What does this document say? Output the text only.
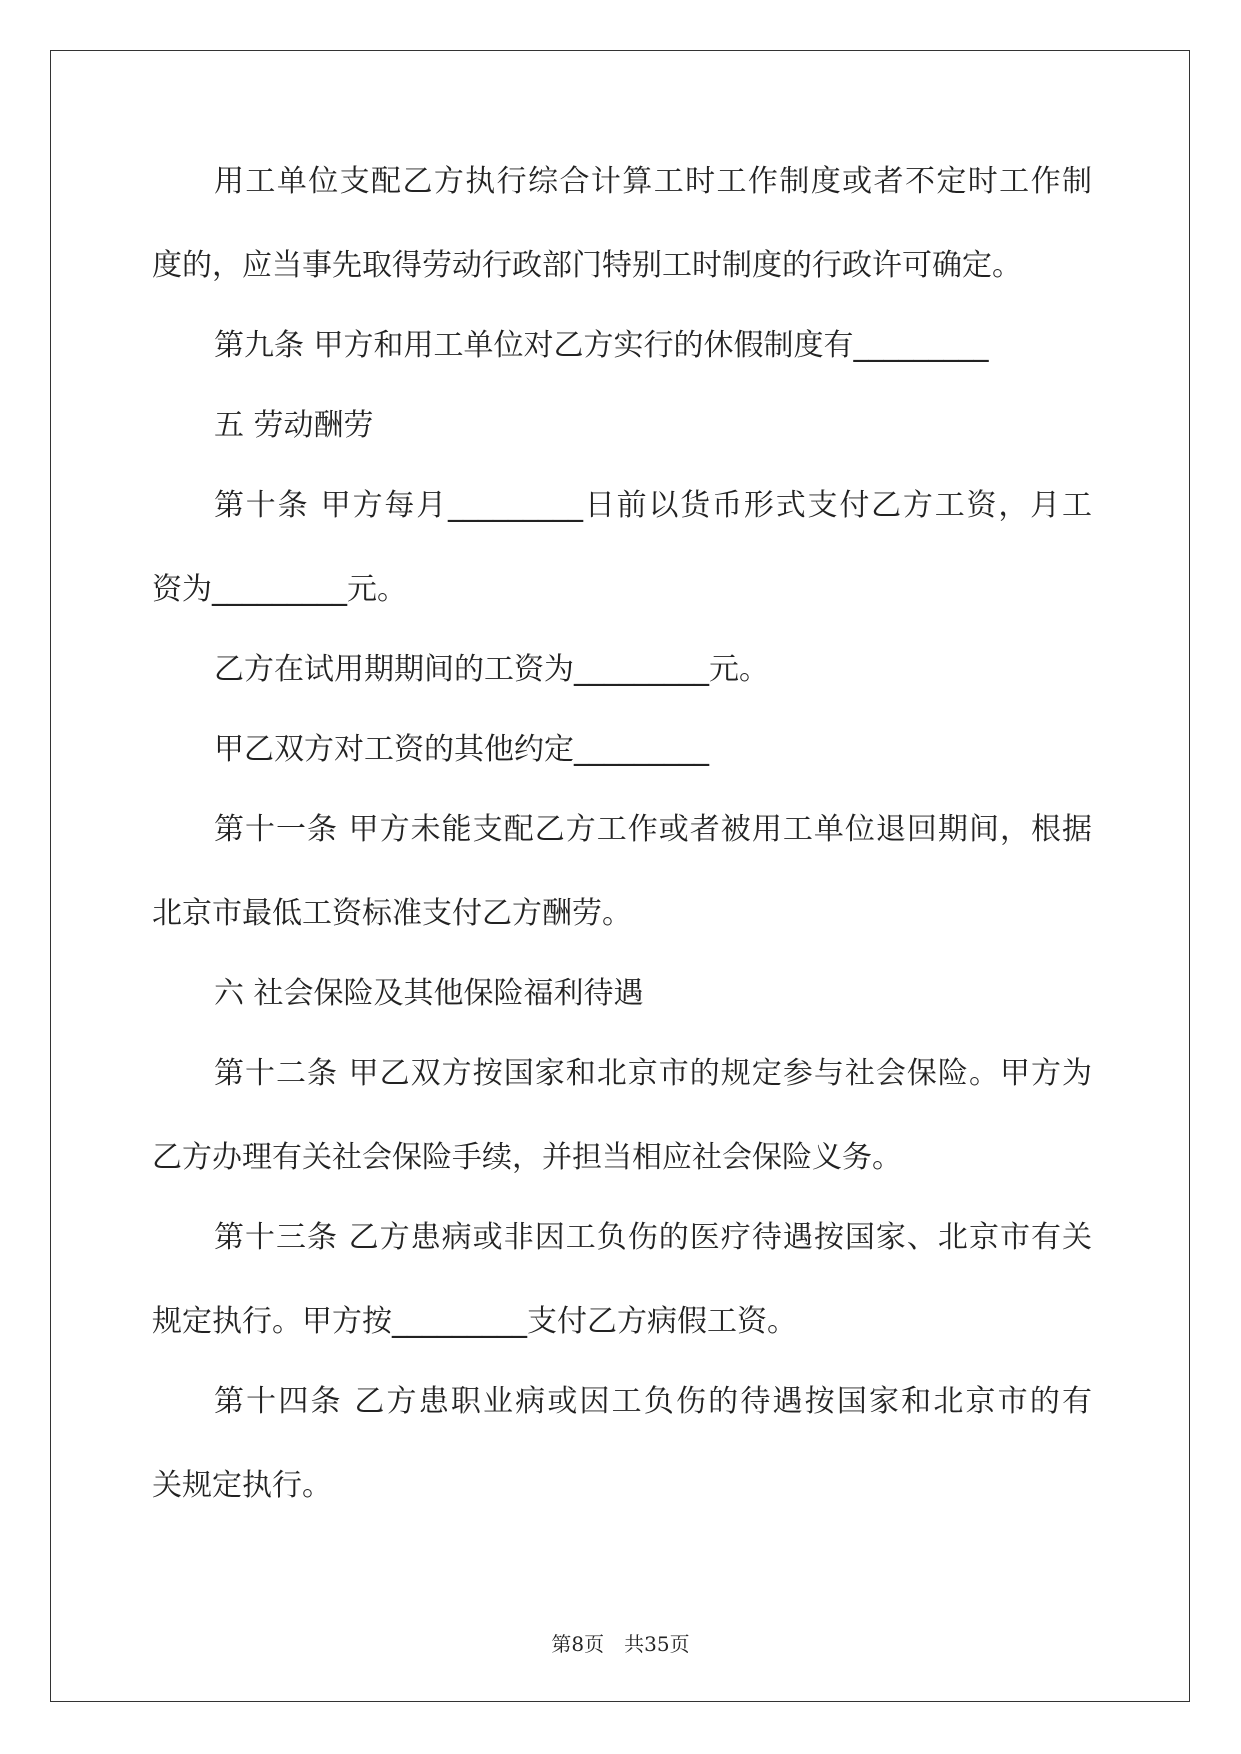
用工单位支配乙方执行综合计算工时工作制度或者不定时工作制

度的，应当事先取得劳动行政部门特别工时制度的行政许可确定。

第九条 甲方和用工单位对乙方实行的休假制度有_________

五 劳动酬劳

第十条 甲方每月_________日前以货币形式支付乙方工资，月工

资为_________元。

乙方在试用期期间的工资为_________元。

甲乙双方对工资的其他约定_________

第十一条 甲方未能支配乙方工作或者被用工单位退回期间，根据

北京市最低工资标准支付乙方酬劳。

六 社会保险及其他保险福利待遇

第十二条 甲乙双方按国家和北京市的规定参与社会保险。甲方为

乙方办理有关社会保险手续，并担当相应社会保险义务。

第十三条 乙方患病或非因工负伤的医疗待遇按国家、北京市有关

规定执行。甲方按_________支付乙方病假工资。

第十四条 乙方患职业病或因工负伤的待遇按国家和北京市的有

关规定执行。

第8页 共35页
